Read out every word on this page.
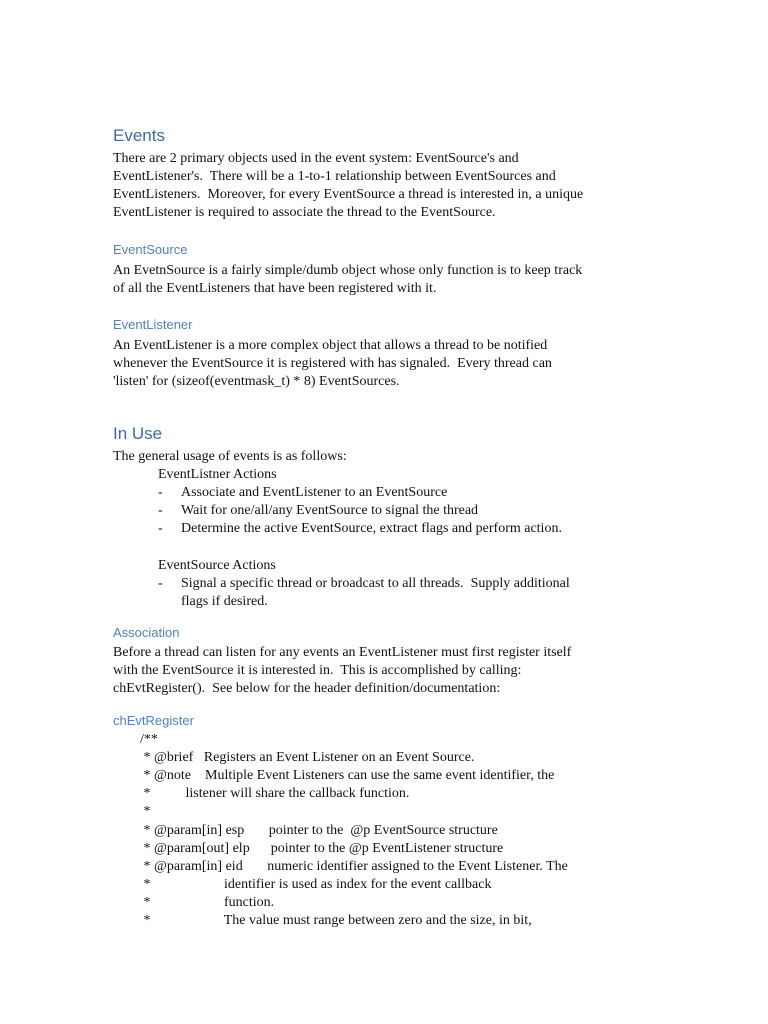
Events
There are 2 primary objects used in the event system: EventSource's and
EventListener's.  There will be a 1-to-1 relationship between EventSources and
EventListeners.  Moreover, for every EventSource a thread is interested in, a unique
EventListener is required to associate the thread to the EventSource.
EventSource
An EvetnSource is a fairly simple/dumb object whose only function is to keep track
of all the EventListeners that have been registered with it.
EventListener
An EventListener is a more complex object that allows a thread to be notified
whenever the EventSource it is registered with has signaled.  Every thread can
'listen' for (sizeof(eventmask_t) * 8) EventSources.
In Use
The general usage of events is as follows:
EventListner Actions
- Associate and EventListener to an EventSource
- Wait for one/all/any EventSource to signal the thread
- Determine the active EventSource, extract flags and perform action.
EventSource Actions
- Signal a specific thread or broadcast to all threads.  Supply additional
flags if desired.
Association
Before a thread can listen for any events an EventListener must first register itself
with the EventSource it is interested in.  This is accomplished by calling:
chEvtRegister().  See below for the header definition/documentation:
chEvtRegister
/**
* @brief   Registers an Event Listener on an Event Source.
* @note    Multiple Event Listeners can use the same event identifier, the
*          listener will share the callback function.
*
* @param[in] esp       pointer to the  @p EventSource structure
* @param[out] elp      pointer to the @p EventListener structure
* @param[in] eid       numeric identifier assigned to the Event Listener. The
*                     identifier is used as index for the event callback
*                     function.
*                     The value must range between zero and the size, in bit,
